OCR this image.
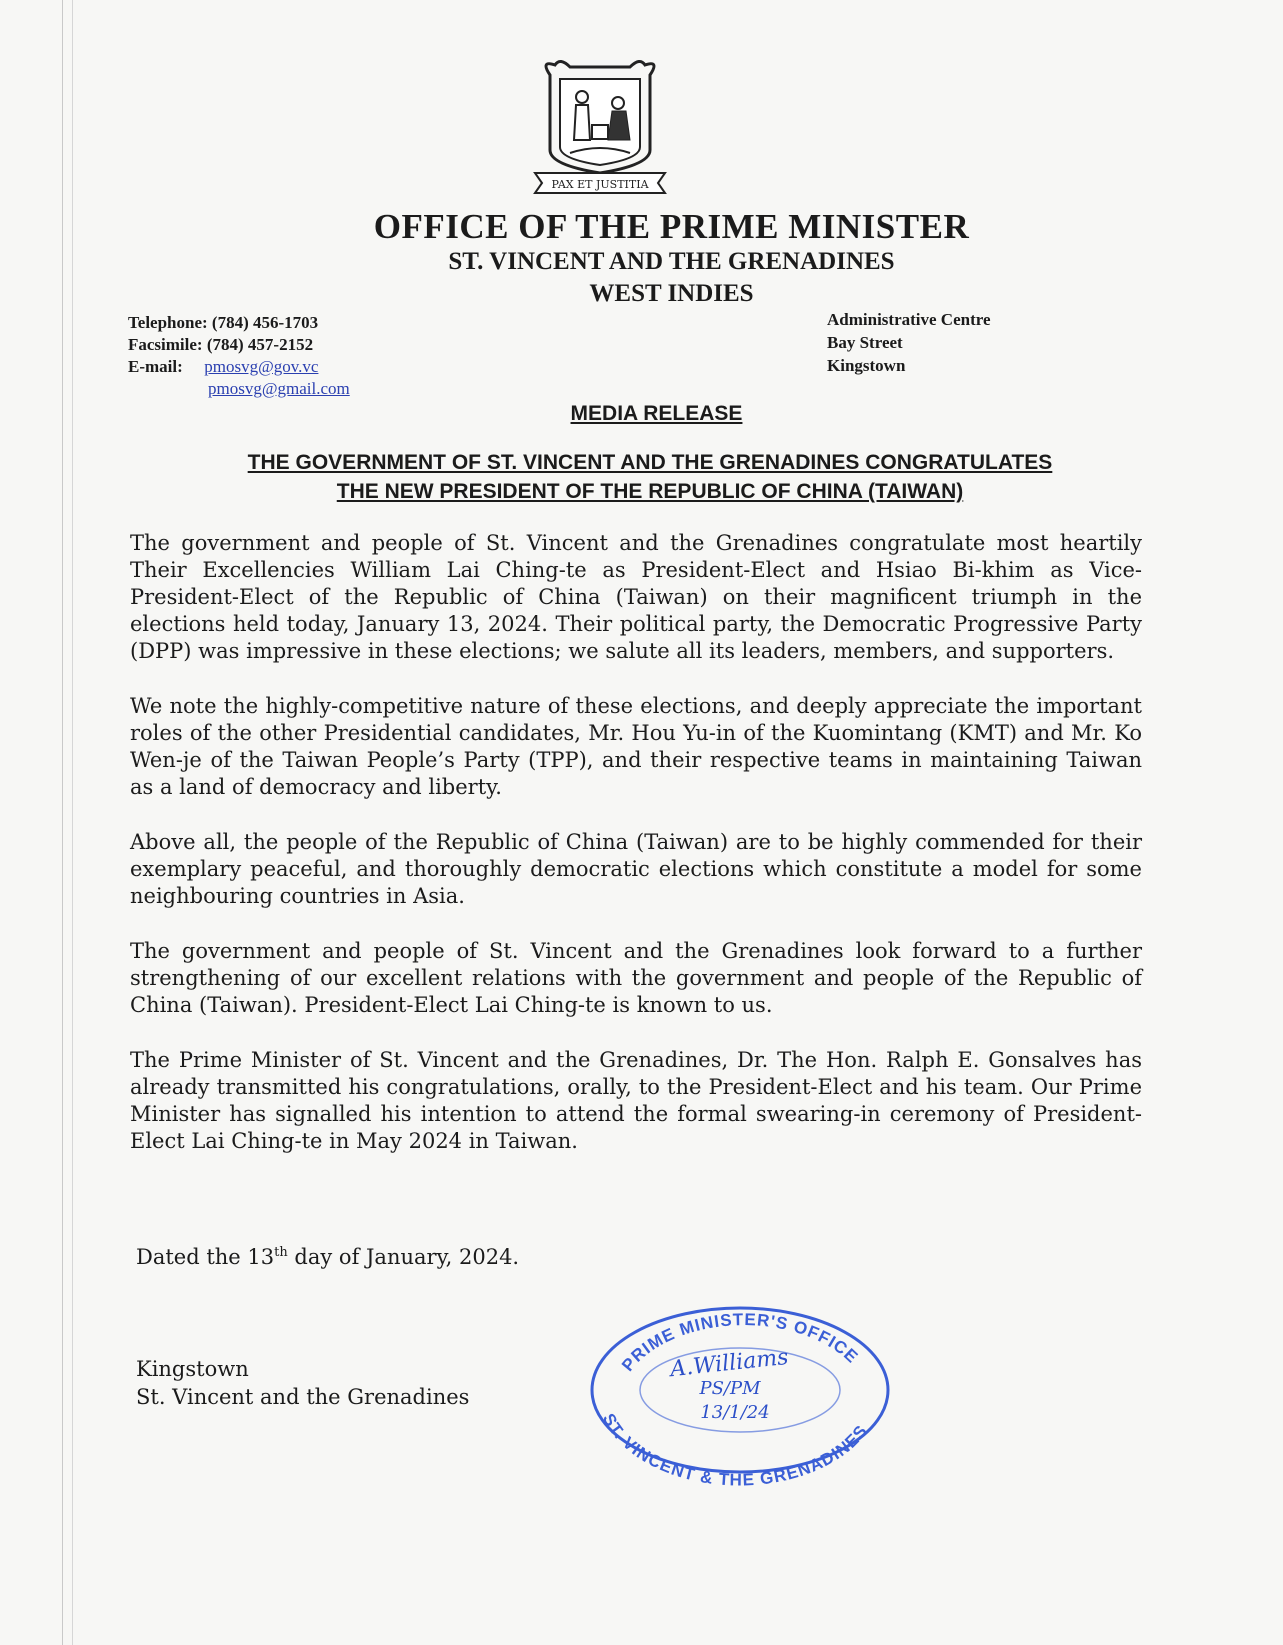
PAX ET JUSTITIA
OFFICE OF THE PRIME MINISTER
ST. VINCENT AND THE GRENADINES
WEST INDIES
Telephone: (784) 456-1703
Facsimile: (784) 457-2152
E-mail: pmosvg@gov.vc
pmosvg@gmail.com
Administrative Centre
Bay Street
Kingstown
MEDIA RELEASE
THE GOVERNMENT OF ST. VINCENT AND THE GRENADINES CONGRATULATES
THE NEW PRESIDENT OF THE REPUBLIC OF CHINA (TAIWAN)

The government and people of St. Vincent and the Grenadines congratulate most heartily Their Excellencies William Lai Ching-te as President-Elect and Hsiao Bi-khim as Vice-President-Elect of the Republic of China (Taiwan) on their magnificent triumph in the elections held today, January 13, 2024. Their political party, the Democratic Progressive Party (DPP) was impressive in these elections; we salute all its leaders, members, and supporters.

We note the highly-competitive nature of these elections, and deeply appreciate the important roles of the other Presidential candidates, Mr. Hou Yu-in of the Kuomintang (KMT) and Mr. Ko Wen-je of the Taiwan People’s Party (TPP), and their respective teams in maintaining Taiwan as a land of democracy and liberty.

Above all, the people of the Republic of China (Taiwan) are to be highly commended for their exemplary peaceful, and thoroughly democratic elections which constitute a model for some neighbouring countries in Asia.

The government and people of St. Vincent and the Grenadines look forward to a further strengthening of our excellent relations with the government and people of the Republic of China (Taiwan). President-Elect Lai Ching-te is known to us.

The Prime Minister of St. Vincent and the Grenadines, Dr. The Hon. Ralph E. Gonsalves has already transmitted his congratulations, orally, to the President-Elect and his team. Our Prime Minister has signalled his intention to attend the formal swearing-in ceremony of President-Elect Lai Ching-te in May 2024 in Taiwan.

Dated the 13th day of January, 2024.
Kingstown
St. Vincent and the Grenadines
PRIME MINISTER'S OFFICE
ST. VINCENT & THE GRENADINES
A.Williams
PS/PM
13/1/24
